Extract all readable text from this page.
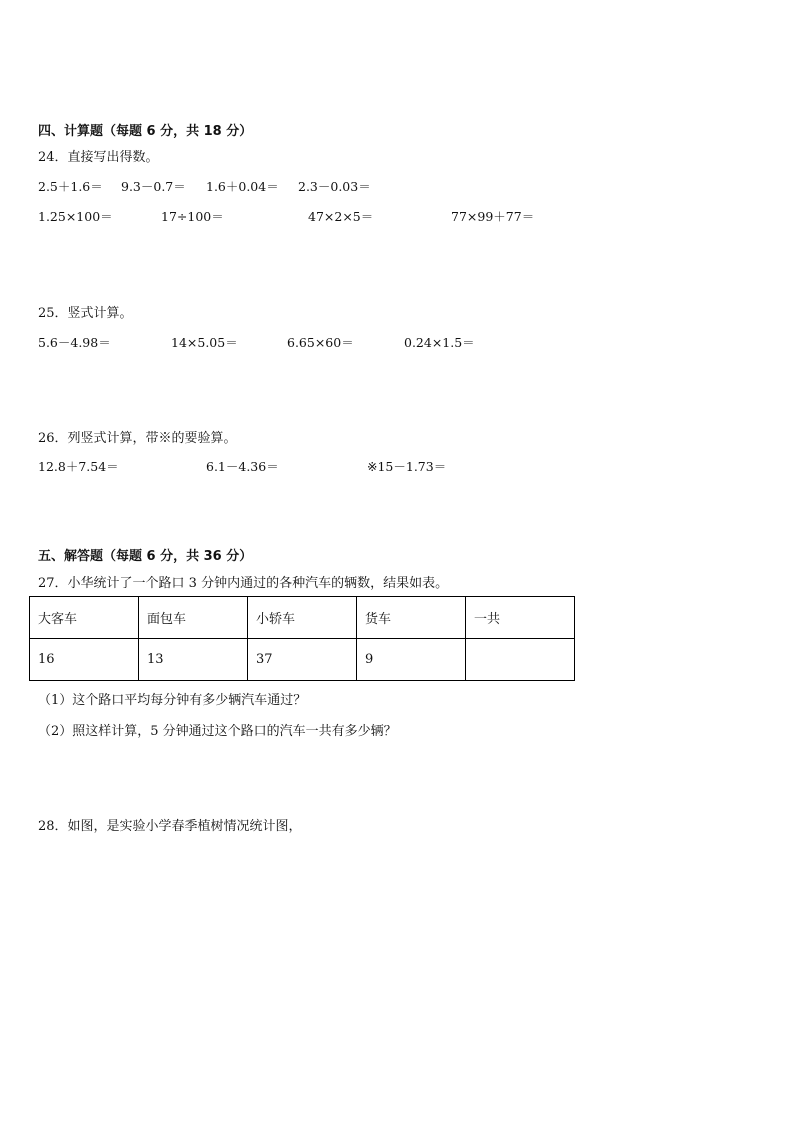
四、计算题（每题 6 分，共 18 分）
24．直接写出得数。
2.5＋1.6＝ 9.3－0.7＝ 1.6＋0.04＝ 2.3－0.03＝
1.25×100＝	17÷100＝	47×2×5＝	77×99＋77＝
25．竖式计算。
5.6－4.98＝	14×5.05＝	6.65×60＝	0.24×1.5＝
26．列竖式计算，带※的要验算。
12.8＋7.54＝	6.1－4.36＝	※15－1.73＝
五、解答题（每题 6 分，共 36 分）
27．小华统计了一个路口 3 分钟内通过的各种汽车的辆数，结果如表。
大客车	面包车	小轿车	货车	一共
16	13	37	9	
（1）这个路口平均每分钟有多少辆汽车通过？
（2）照这样计算，5 分钟通过这个路口的汽车一共有多少辆？
28．如图，是实验小学春季植树情况统计图，
